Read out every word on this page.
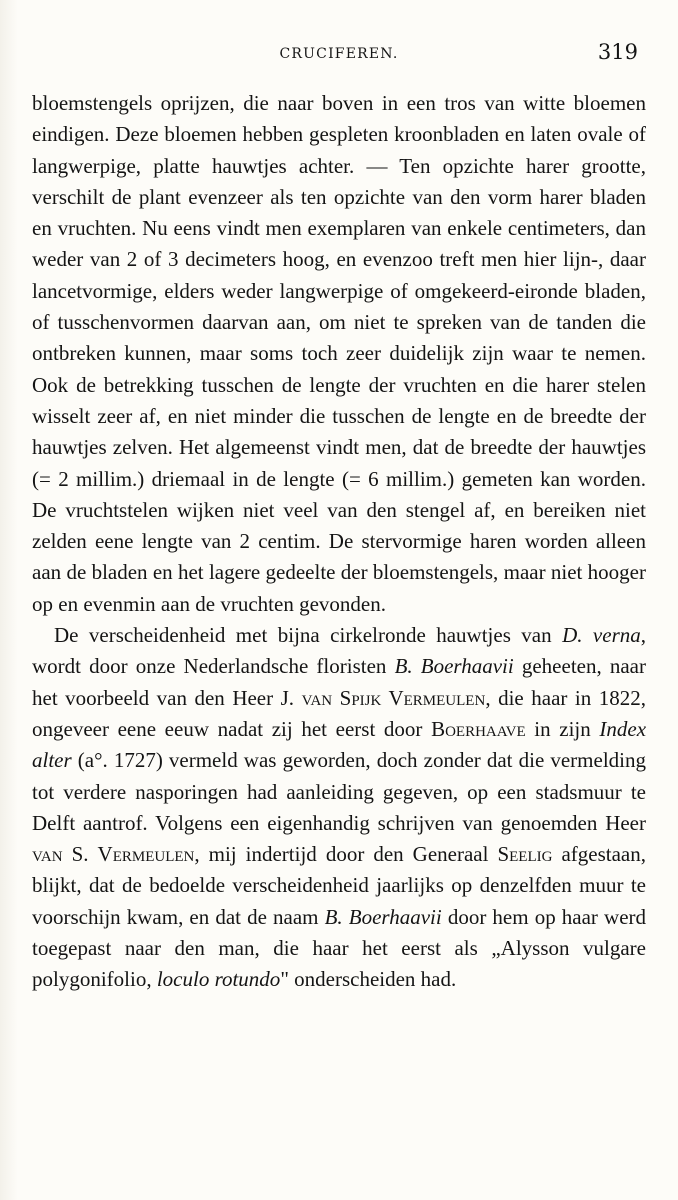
CRUCIFEREN.	319

bloemstengels oprijzen, die naar boven in een tros van witte bloemen eindigen. Deze bloemen hebben gespleten kroonbladen en laten ovale of langwerpige, platte hauwtjes achter. — Ten opzichte harer grootte, verschilt de plant evenzeer als ten opzichte van den vorm harer bladen en vruchten. Nu eens vindt men exemplaren van enkele centimeters, dan weder van 2 of 3 decimeters hoog, en evenzoo treft men hier lijn-, daar lancetvormige, elders weder langwerpige of omgekeerd-eironde bladen, of tusschenvormen daarvan aan, om niet te spreken van de tanden die ontbreken kunnen, maar soms toch zeer duidelijk zijn waar te nemen. Ook de betrekking tusschen de lengte der vruchten en die harer stelen wisselt zeer af, en niet minder die tusschen de lengte en de breedte der hauwtjes zelven. Het algemeenst vindt men, dat de breedte der hauwtjes (= 2 millim.) driemaal in de lengte (= 6 millim.) gemeten kan worden. De vruchtstelen wijken niet veel van den stengel af, en bereiken niet zelden eene lengte van 2 centim. De stervormige haren worden alleen aan de bladen en het lagere gedeelte der bloemstengels, maar niet hooger op en evenmin aan de vruchten gevonden.

De verscheidenheid met bijna cirkelronde hauwtjes van D. verna, wordt door onze Nederlandsche floristen B. Boerhaavii geheeten, naar het voorbeeld van den Heer J. van Spijk Vermeulen, die haar in 1822, ongeveer eene eeuw nadat zij het eerst door Boerhaave in zijn Index alter (a°. 1727) vermeld was geworden, doch zonder dat die vermelding tot verdere nasporingen had aanleiding gegeven, op een stadsmuur te Delft aantrof. Volgens een eigenhandig schrijven van genoemden Heer van S. Vermeulen, mij indertijd door den Generaal Seelig afgestaan, blijkt, dat de bedoelde verscheidenheid jaarlijks op denzelfden muur te voorschijn kwam, en dat de naam B. Boerhaavii door hem op haar werd toegepast naar den man, die haar het eerst als „Alysson vulgare polygonifolio, loculo rotundo" onderscheiden had.
